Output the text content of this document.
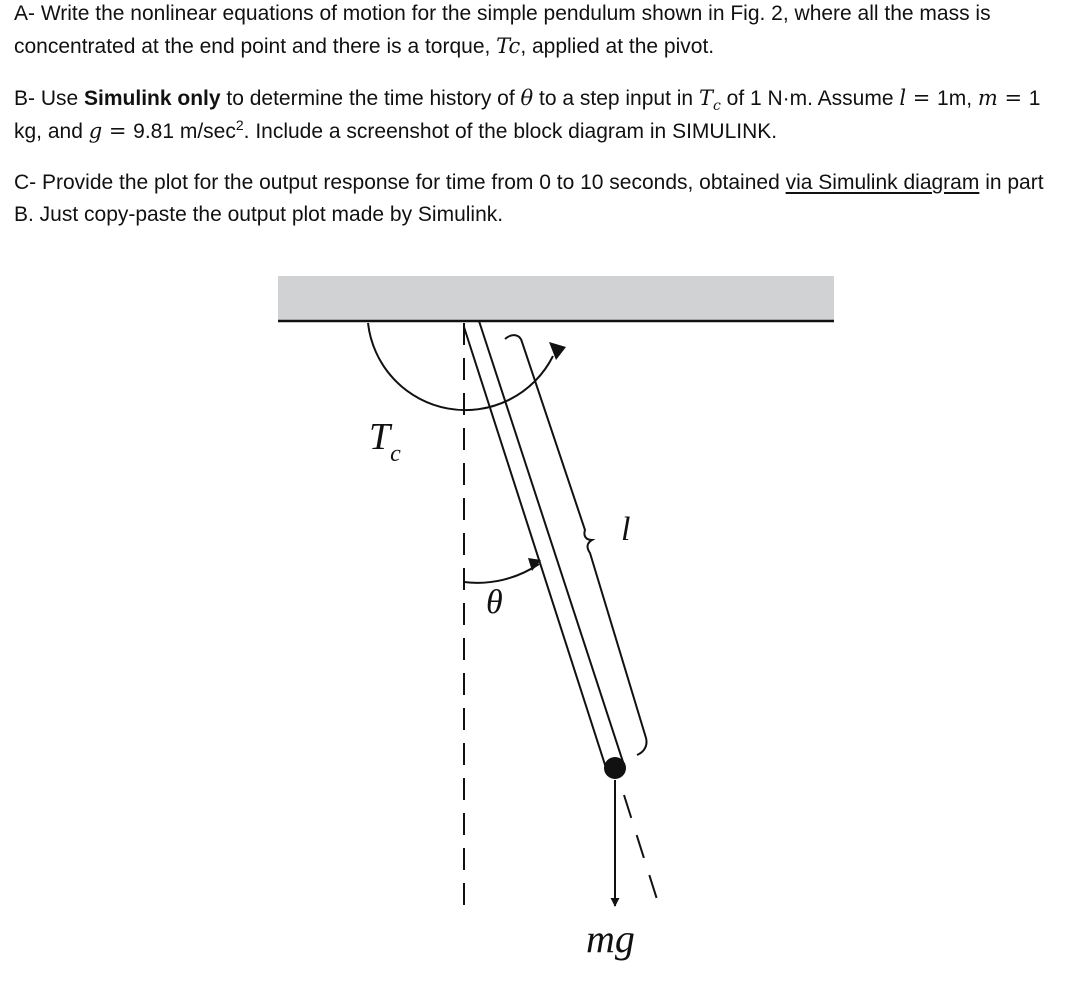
A- Write the nonlinear equations of motion for the simple pendulum shown in Fig. 2, where all the mass is concentrated at the end point and there is a torque, Tc, applied at the pivot.

B- Use Simulink only to determine the time history of θ to a step input in $T_c$ of 1 N·m. Assume l = 1m, m = 1 kg, and g = 9.81 $m/\sec^2$. Include a screenshot of the block diagram in SIMULINK.

C- Provide the plot for the output response for time from 0 to 10 seconds, obtained via Simulink diagram in part B. Just copy-paste the output plot made by Simulink.

$T_c$
θ
l
mg
